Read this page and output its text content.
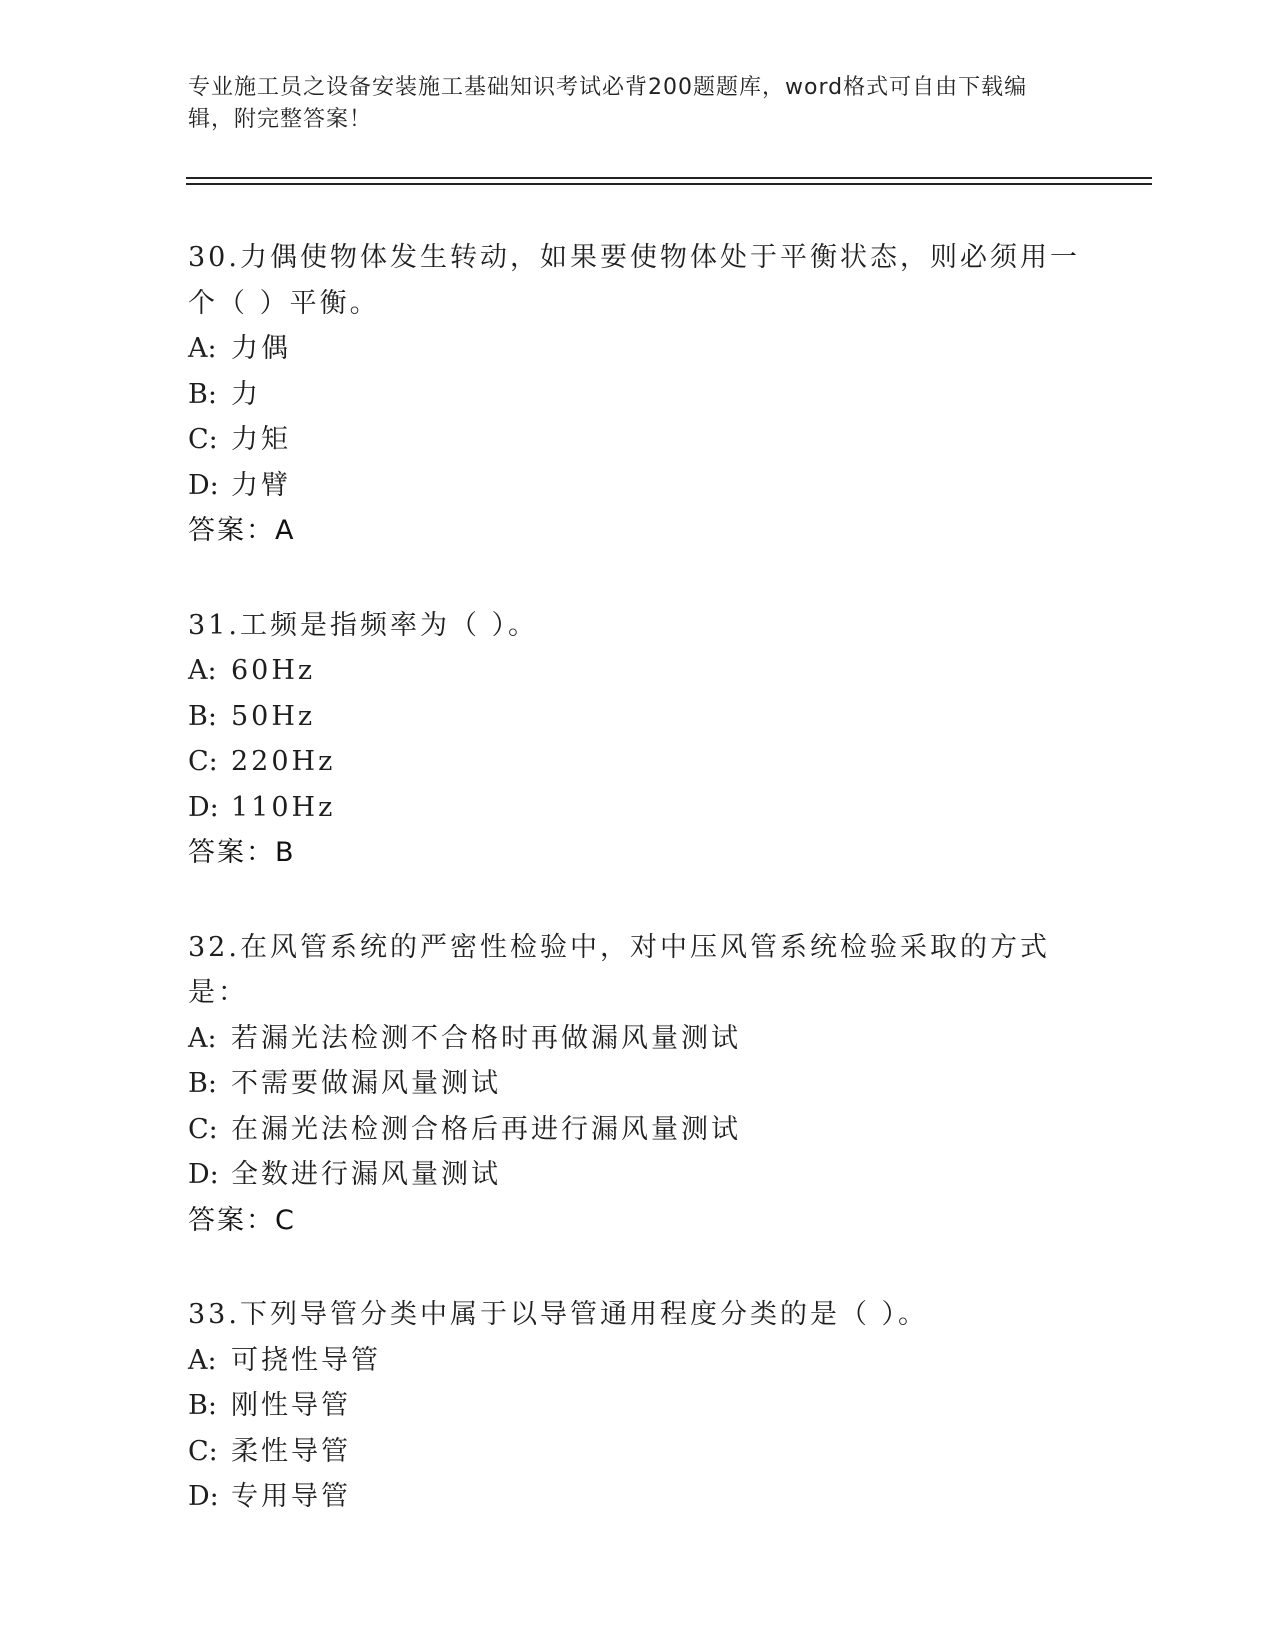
专业施工员之设备安装施工基础知识考试必背200题题库，word格式可自由下载编辑，附完整答案！
30.力偶使物体发生转动，如果要使物体处于平衡状态，则必须用一个（ ）平衡。
A: 力偶
B: 力
C: 力矩
D: 力臂
答案：A
31.工频是指频率为（ ）。
A: 60Hz
B: 50Hz
C: 220Hz
D: 110Hz
答案：B
32.在风管系统的严密性检验中，对中压风管系统检验采取的方式是：
A: 若漏光法检测不合格时再做漏风量测试
B: 不需要做漏风量测试
C: 在漏光法检测合格后再进行漏风量测试
D: 全数进行漏风量测试
答案：C
33.下列导管分类中属于以导管通用程度分类的是（ ）。
A: 可挠性导管
B: 刚性导管
C: 柔性导管
D: 专用导管
